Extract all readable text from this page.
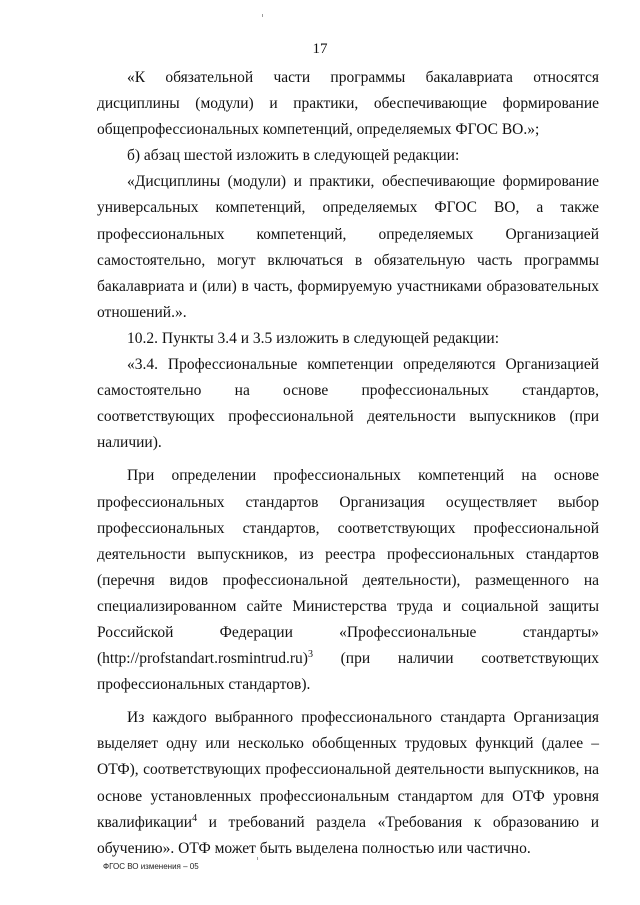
17

«К обязательной части программы бакалавриата относятся дисциплины (модули) и практики, обеспечивающие формирование общепрофессиональных компетенций, определяемых ФГОС ВО.»;

б) абзац шестой изложить в следующей редакции:

«Дисциплины (модули) и практики, обеспечивающие формирование универсальных компетенций, определяемых ФГОС ВО, а также профессиональных компетенций, определяемых Организацией самостоятельно, могут включаться в обязательную часть программы бакалавриата и (или) в часть, формируемую участниками образовательных отношений.».

10.2. Пункты 3.4 и 3.5 изложить в следующей редакции:

«3.4. Профессиональные компетенции определяются Организацией самостоятельно на основе профессиональных стандартов, соответствующих профессиональной деятельности выпускников (при наличии).

При определении профессиональных компетенций на основе профессиональных стандартов Организация осуществляет выбор профессиональных стандартов, соответствующих профессиональной деятельности выпускников, из реестра профессиональных стандартов (перечня видов профессиональной деятельности), размещенного на специализированном сайте Министерства труда и социальной защиты Российской Федерации «Профессиональные стандарты» (http://profstandart.rosmintrud.ru)$^3$ (при наличии соответствующих профессиональных стандартов).

Из каждого выбранного профессионального стандарта Организация выделяет одну или несколько обобщенных трудовых функций (далее – ОТФ), соответствующих профессиональной деятельности выпускников, на основе установленных профессиональным стандартом для ОТФ уровня квалификации$^4$ и требований раздела «Требования к образованию и обучению». ОТФ может быть выделена полностью или частично.

ФГОС ВО изменения – 05
